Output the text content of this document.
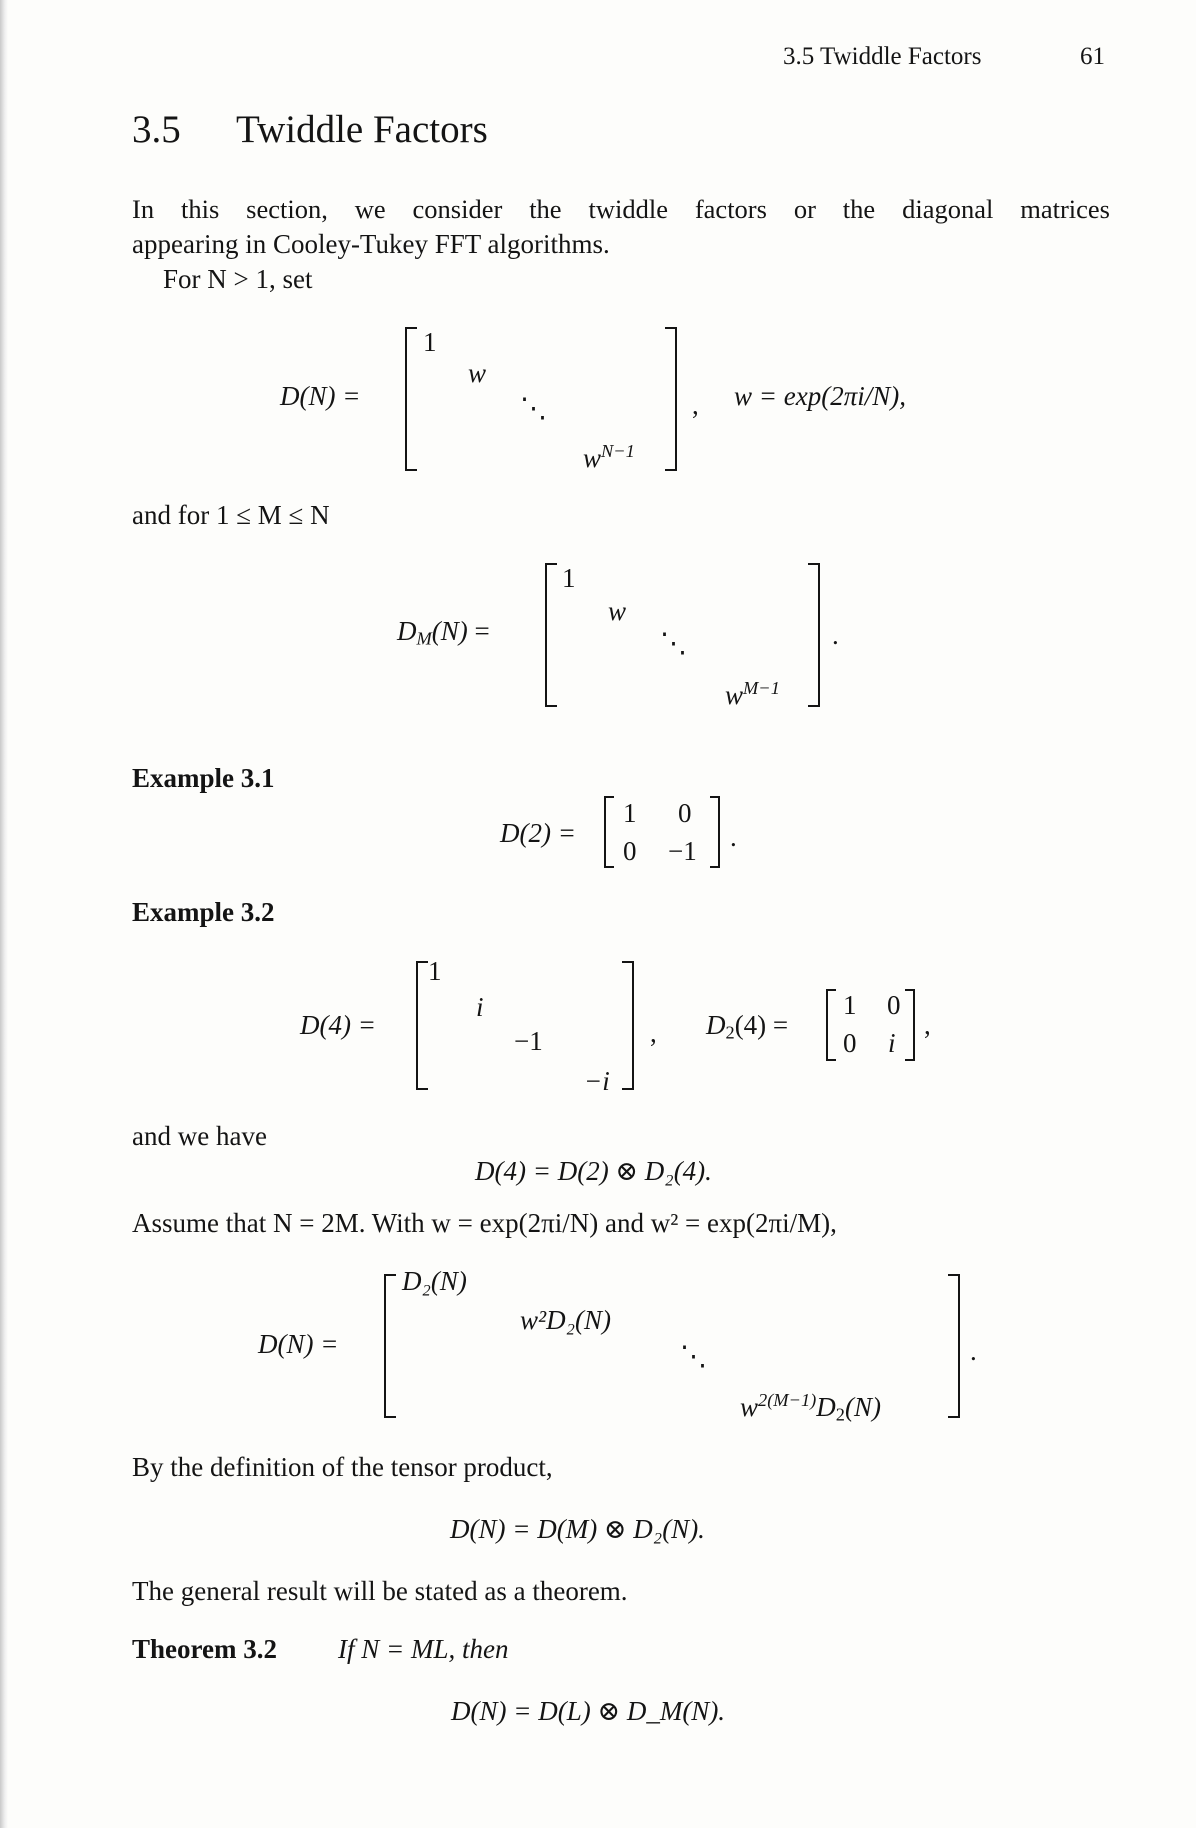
3.5 Twiddle Factors	61
3.5 Twiddle Factors
In this section, we consider the twiddle factors or the diagonal matrices
appearing in Cooley-Tukey FFT algorithms.
For N > 1, set
D(N) =
1
w
⋱
$w^{N-1}$
, w = exp(2πi/N),
and for 1 ≤ M ≤ N
$D_M(N)$ =
1
w
⋱
$w^{M-1}$
.
Example 3.1
D(2) =
1 0
0 −1 .
Example 3.2
D(4) =
1
i
−1
−i
, $D_2(4)$ =
1 0
0 i
,
and we have
D(4) = D(2) ⊗ D₂(4).
Assume that N = 2M. With w = exp(2πi/N) and w² = exp(2πi/M),
D(N) =
D₂(N)
w²D₂(N)
⋱
$w^{2(M-1)}D_2(N)$
.
By the definition of the tensor product,
D(N) = D(M) ⊗ D₂(N).
The general result will be stated as a theorem.
Theorem 3.2 If N = ML, then
D(N) = D(L) ⊗ D_M(N).
